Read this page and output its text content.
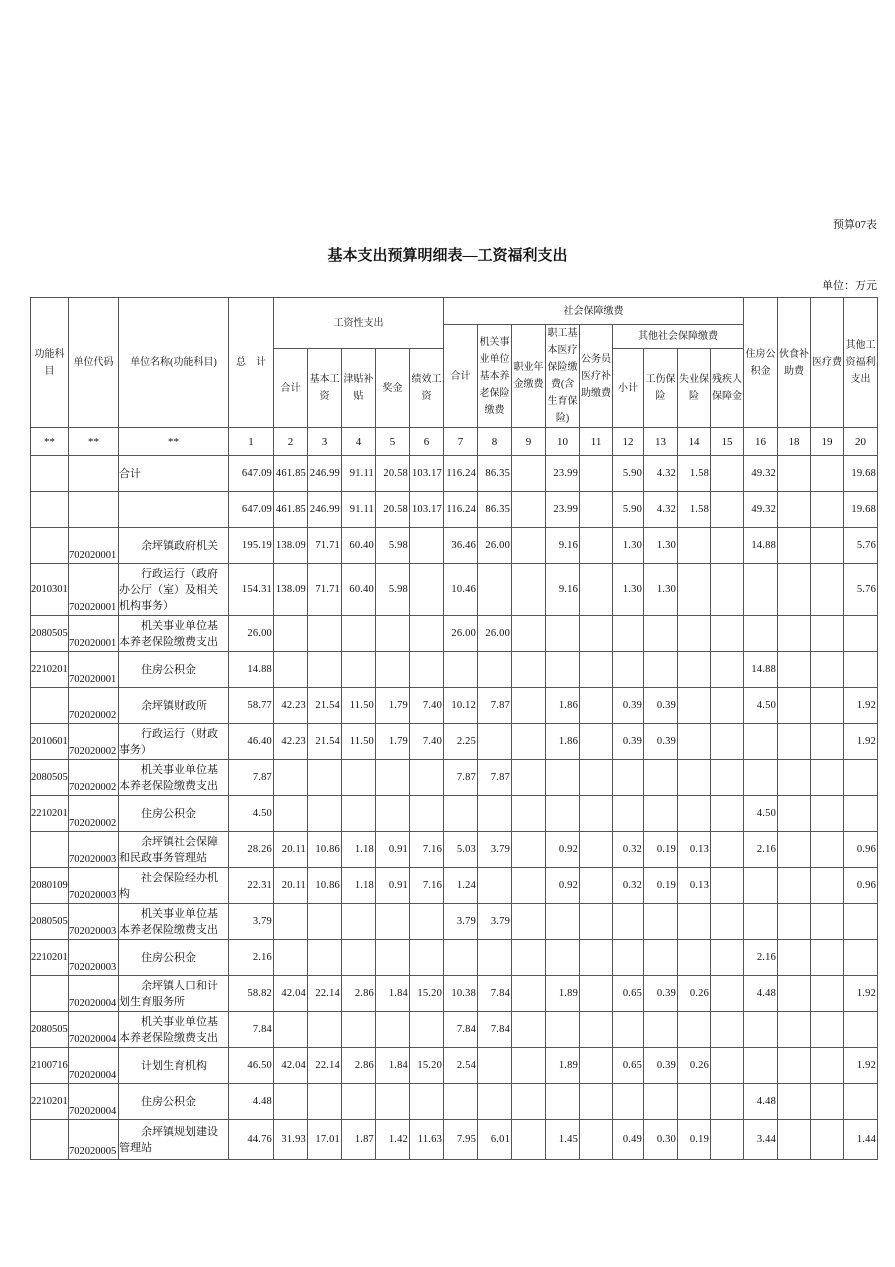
预算07表
基本支出预算明细表—工资福利支出
单位：万元
功能科目	单位代码	单位名称(功能科目)	总　计	工资性支出					社会保障缴费									住房公积金	伙食补助费	医疗费	其他工资福利支出
									合计	机关事业单位基本养老保险缴费	职业年金缴费	职工基本医疗保险缴费(含生育保险)	公务员医疗补助缴费	其他社会保障缴费							
				合计	基本工资	津贴补贴	奖金	绩效工资						小计	工伤保险	失业保险	残疾人保障金				
**	**	**	1	2	3	4	5	6	7	8	9	10	11	12	13	14	15	16	18	19	20
		合计	647.09	461.85	246.99	91.11	20.58	103.17	116.24	86.35		23.99		5.90	4.32	1.58		49.32			19.68
			647.09	461.85	246.99	91.11	20.58	103.17	116.24	86.35		23.99		5.90	4.32	1.58		49.32			19.68
	702020001	余坪镇政府机关	195.19	138.09	71.71	60.40	5.98		36.46	26.00		9.16		1.30	1.30			14.88			5.76
2010301	702020001	行政运行（政府办公厅（室）及相关机构事务）	154.31	138.09	71.71	60.40	5.98		10.46			9.16		1.30	1.30						5.76
2080505	702020001	机关事业单位基本养老保险缴费支出	26.00						26.00	26.00											
2210201	702020001	住房公积金	14.88															14.88			
	702020002	余坪镇财政所	58.77	42.23	21.54	11.50	1.79	7.40	10.12	7.87		1.86		0.39	0.39			4.50			1.92
2010601	702020002	行政运行（财政事务）	46.40	42.23	21.54	11.50	1.79	7.40	2.25			1.86		0.39	0.39						1.92
2080505	702020002	机关事业单位基本养老保险缴费支出	7.87						7.87	7.87											
2210201	702020002	住房公积金	4.50															4.50			
	702020003	余坪镇社会保障和民政事务管理站	28.26	20.11	10.86	1.18	0.91	7.16	5.03	3.79		0.92		0.32	0.19	0.13		2.16			0.96
2080109	702020003	社会保险经办机构	22.31	20.11	10.86	1.18	0.91	7.16	1.24			0.92		0.32	0.19	0.13					0.96
2080505	702020003	机关事业单位基本养老保险缴费支出	3.79						3.79	3.79											
2210201	702020003	住房公积金	2.16															2.16			
	702020004	余坪镇人口和计划生育服务所	58.82	42.04	22.14	2.86	1.84	15.20	10.38	7.84		1.89		0.65	0.39	0.26		4.48			1.92
2080505	702020004	机关事业单位基本养老保险缴费支出	7.84						7.84	7.84											
2100716	702020004	计划生育机构	46.50	42.04	22.14	2.86	1.84	15.20	2.54			1.89		0.65	0.39	0.26					1.92
2210201	702020004	住房公积金	4.48															4.48			
	702020005	余坪镇规划建设管理站	44.76	31.93	17.01	1.87	1.42	11.63	7.95	6.01		1.45		0.49	0.30	0.19		3.44			1.44
